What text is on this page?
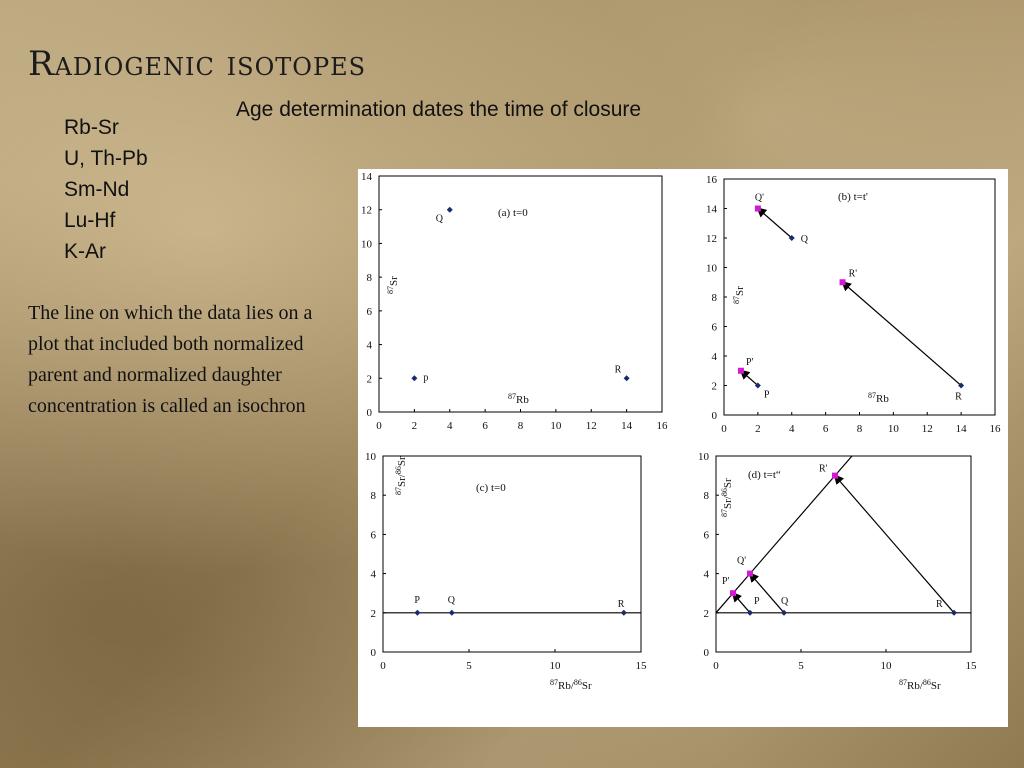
Radiogenic isotopes
Age determination dates the time of closure
Rb-Sr
U, Th-Pb
Sm-Nd
Lu-Hf
K-Ar

The line on which the data lies on a plot that included both normalized parent and normalized daughter concentration is called an isochron

0	2	4	6	8 10 12 14 16
0
2
4
6
8
10
12
14
p
Q
R
(a) t=0
$^{87}$Rb
$^{87}$Sr
0	2	4	6	8 10 12 14 16
0
2
4
6
8
10
12
14
16
P
Q
R
P'
Q'
R'
(b) t=t'
$^{87}$Rb
$^{87}$Sr
0	5	10	15
0
2
4
6
8
10
P	Q	R
(c) t=0
$^{87}$Rb/$^{86}$Sr
$^{87}$Sr/$^{86}$Sr
0	5	10	15
0
2
4
6
8
10
P Q	R
P'
Q'
R'
(d) t=t“
$^{87}$Rb/$^{86}$Sr
$^{87}$Sr/$^{86}$Sr
